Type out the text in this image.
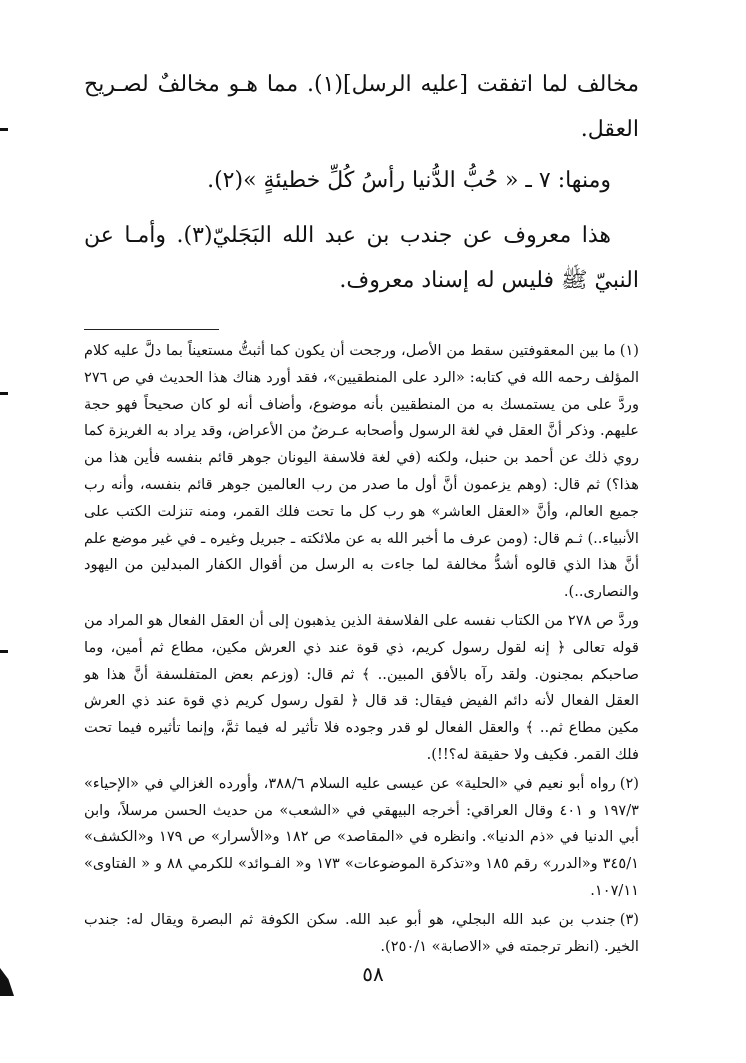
مخالف لما اتفقت [عليه الرسل](١). مما هـو مخالفٌ لصـريح العقل.

ومنها: ٧ ـ « حُبُّ الدُّنيا رأسُ كُلِّ خطيئةٍ »(٢).

هذا معروف عن جندب بن عبد الله البَجَليّ(٣). وأمـا عن النبيّ ﷺ فليس له إسناد معروف.

(١)ما بين المعقوفتين سقط من الأصل، ورجحت أن يكون كما أثبتُّ مستعيناً بما دلَّ عليه كلام المؤلف رحمه الله في كتابه: «الرد على المنطقيين»، فقد أورد هناك هذا الحديث في ص ٢٧٦ وردَّ على من يستمسك به من المنطقيين بأنه موضوع، وأضاف أنه لو كان صحيحاً فهو حجة عليهم. وذكر أنَّ العقل في لغة الرسول وأصحابه عـرضٌ من الأعراض، وقد يراد به الغريزة كما روي ذلك عن أحمد بن حنبل، ولكنه (في لغة فلاسفة اليونان جوهر قائم بنفسه فأين هذا من هذا؟) ثم قال: (وهم يزعمون أنَّ أول ما صدر من رب العالمين جوهر قائم بنفسه، وأنه رب جميع العالم، وأنَّ «العقل العاشر» هو رب كل ما تحت فلك القمر، ومنه تنزلت الكتب على الأنبياء..) ثـم قال: (ومن عرف ما أخبر الله به عن ملائكته ـ جبريل وغيره ـ في غير موضع علم أنَّ هذا الذي قالوه أشدُّ مخالفة لما جاءت به الرسل من أقوال الكفار المبدلين من اليهود والنصارى..).

وردَّ ص ٢٧٨ من الكتاب نفسه على الفلاسفة الذين يذهبون إلى أن العقل الفعال هو المراد من قوله تعالى ﴿ إنه لقول رسول كريم، ذي قوة عند ذي العرش مكين، مطاع ثم أمين، وما صاحبكم بمجنون. ولقد رآه بالأفق المبين.. ﴾ ثم قال: (وزعم بعض المتفلسفة أنَّ هذا هو العقل الفعال لأنه دائم الفيض فيقال: قد قال ﴿ لقول رسول كريم ذي قوة عند ذي العرش مكين مطاع ثم.. ﴾ والعقل الفعال لو قدر وجوده فلا تأثير له فيما ثمَّ، وإنما تأثيره فيما تحت فلك القمر. فكيف ولا حقيقة له؟!!).

(٢)رواه أبو نعيم في «الحلية» عن عيسى عليه السلام ٣٨٨/٦، وأورده الغزالي في «الإحياء» ١٩٧/٣ و ٤٠١ وقال العراقي: أخرجه البيهقي في «الشعب» من حديث الحسن مرسلاً، وابن أبي الدنيا في «ذم الدنيا». وانظره في «المقاصد» ص ١٨٢ و«الأسرار» ص ١٧٩ و«الكشف» ٣٤٥/١ و«الدرر» رقم ١٨٥ و«تذكرة الموضوعات» ١٧٣ و« الفـوائد» للكرمي ٨٨ و « الفتاوى» ١٠٧/١١.

(٣)جندب بن عبد الله البجلي، هو أبو عبد الله. سكن الكوفة ثم البصرة ويقال له: جندب الخير. (انظر ترجمته في «الاصابة» ٢٥٠/١).

٥٨
